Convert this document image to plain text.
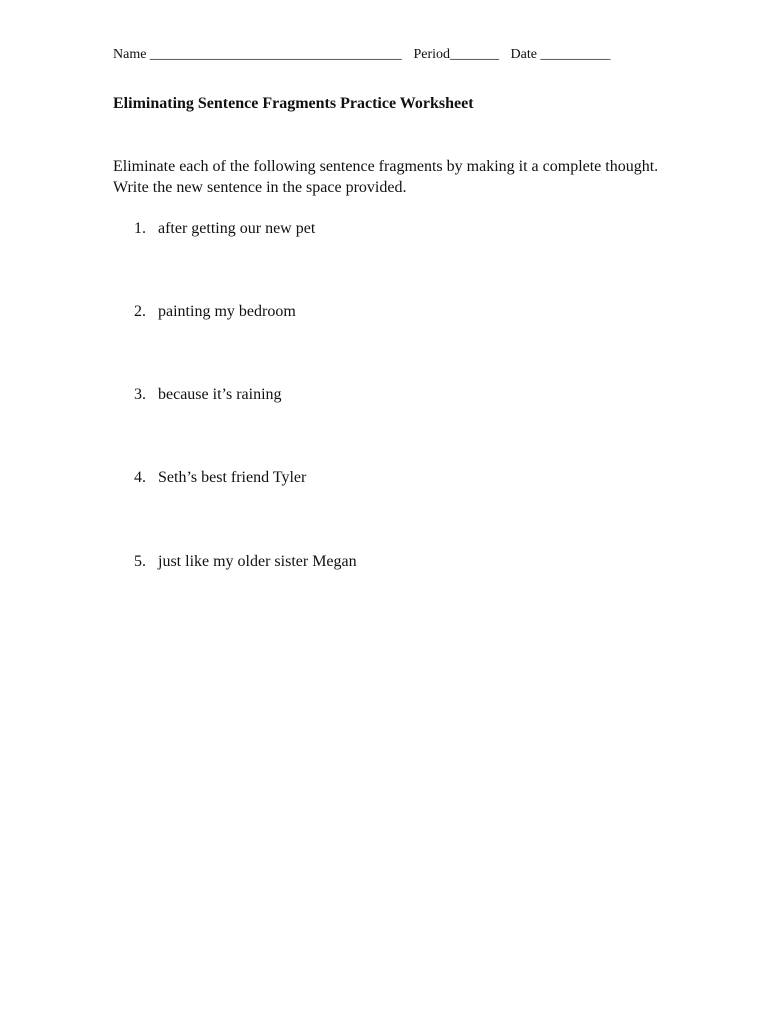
Name ____________________________________ Period_______ Date __________
Eliminating Sentence Fragments Practice Worksheet
Eliminate each of the following sentence fragments by making it a complete thought. Write the new sentence in the space provided.
1. after getting our new pet
2. painting my bedroom
3. because it’s raining
4. Seth’s best friend Tyler
5. just like my older sister Megan
